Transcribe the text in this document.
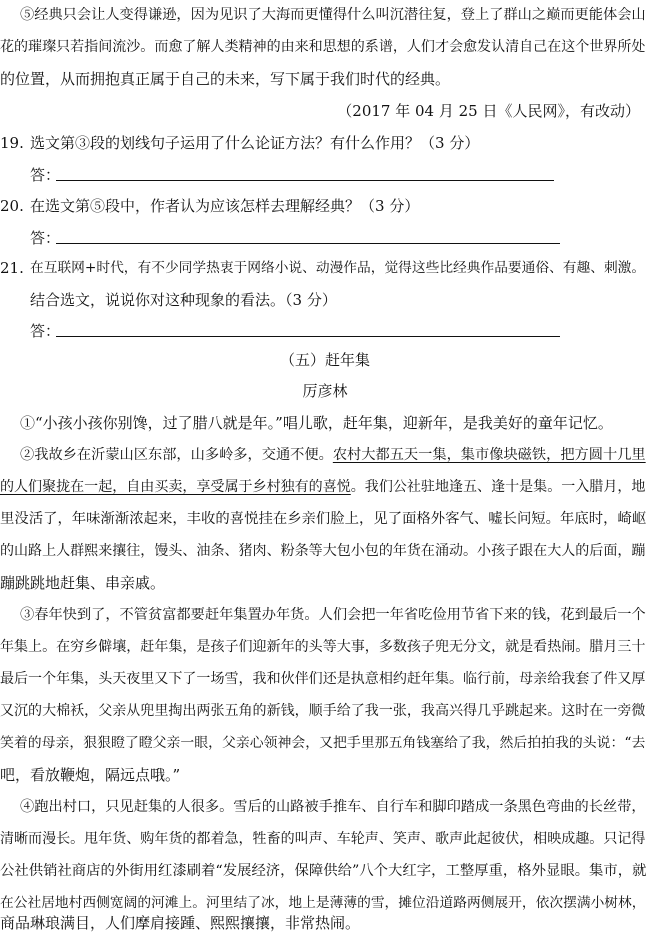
⑤经典只会让人变得谦逊，因为见识了大海而更懂得什么叫沉潜往复，登上了群山之巅而更能体会山
花的璀璨只若指间流沙。而愈了解人类精神的由来和思想的系谱，人们才会愈发认清自己在这个世界所处
的位置，从而拥抱真正属于自己的未来，写下属于我们时代的经典。
（2017 年 04 月 25 日《人民网》，有改动）
19. 选文第③段的划线句子运用了什么论证方法？有什么作用？（3 分）
答：
20. 在选文第⑤段中，作者认为应该怎样去理解经典？（3 分）
答：
21. 在互联网+时代，有不少同学热衷于网络小说、动漫作品，觉得这些比经典作品要通俗、有趣、刺激。
结合选文，说说你对这种现象的看法。（3 分）
答：
（五）赶年集
厉彦林
①“小孩小孩你别馋，过了腊八就是年。”唱儿歌，赶年集，迎新年，是我美好的童年记忆。
②我故乡在沂蒙山区东部，山多岭多，交通不便。农村大都五天一集，集市像块磁铁，把方圆十几里
的人们聚拢在一起，自由买卖，享受属于乡村独有的喜悦。我们公社驻地逢五、逢十是集。一入腊月，地
里没活了，年味渐渐浓起来，丰收的喜悦挂在乡亲们脸上，见了面格外客气、嘘长问短。年底时，崎岖
的山路上人群熙来攘往，馒头、油条、猪肉、粉条等大包小包的年货在涌动。小孩子跟在大人的后面，蹦
蹦跳跳地赶集、串亲戚。
③春年快到了，不管贫富都要赶年集置办年货。人们会把一年省吃俭用节省下来的钱，花到最后一个
年集上。在穷乡僻壤，赶年集，是孩子们迎新年的头等大事，多数孩子兜无分文，就是看热闹。腊月三十
最后一个年集，头天夜里又下了一场雪，我和伙伴们还是执意相约赶年集。临行前，母亲给我套了件又厚
又沉的大棉袄，父亲从兜里掏出两张五角的新钱，顺手给了我一张，我高兴得几乎跳起来。这时在一旁微
笑着的母亲，狠狠瞪了瞪父亲一眼，父亲心领神会，又把手里那五角钱塞给了我，然后拍拍我的头说：“去
吧，看放鞭炮，隔远点哦。”
④跑出村口，只见赶集的人很多。雪后的山路被手推车、自行车和脚印踏成一条黑色弯曲的长丝带，
清晰而漫长。甩年货、购年货的都着急，牲畜的叫声、车轮声、笑声、歌声此起彼伏，相映成趣。只记得
公社供销社商店的外街用红漆刷着“发展经济，保障供给”八个大红字，工整厚重，格外显眼。集市，就
在公社居地村西侧宽阔的河滩上。河里结了冰，地上是薄薄的雪，摊位沿道路两侧展开，依次摆满小树林，
商品琳琅满目，人们摩肩接踵、熙熙攘攘，非常热闹。
